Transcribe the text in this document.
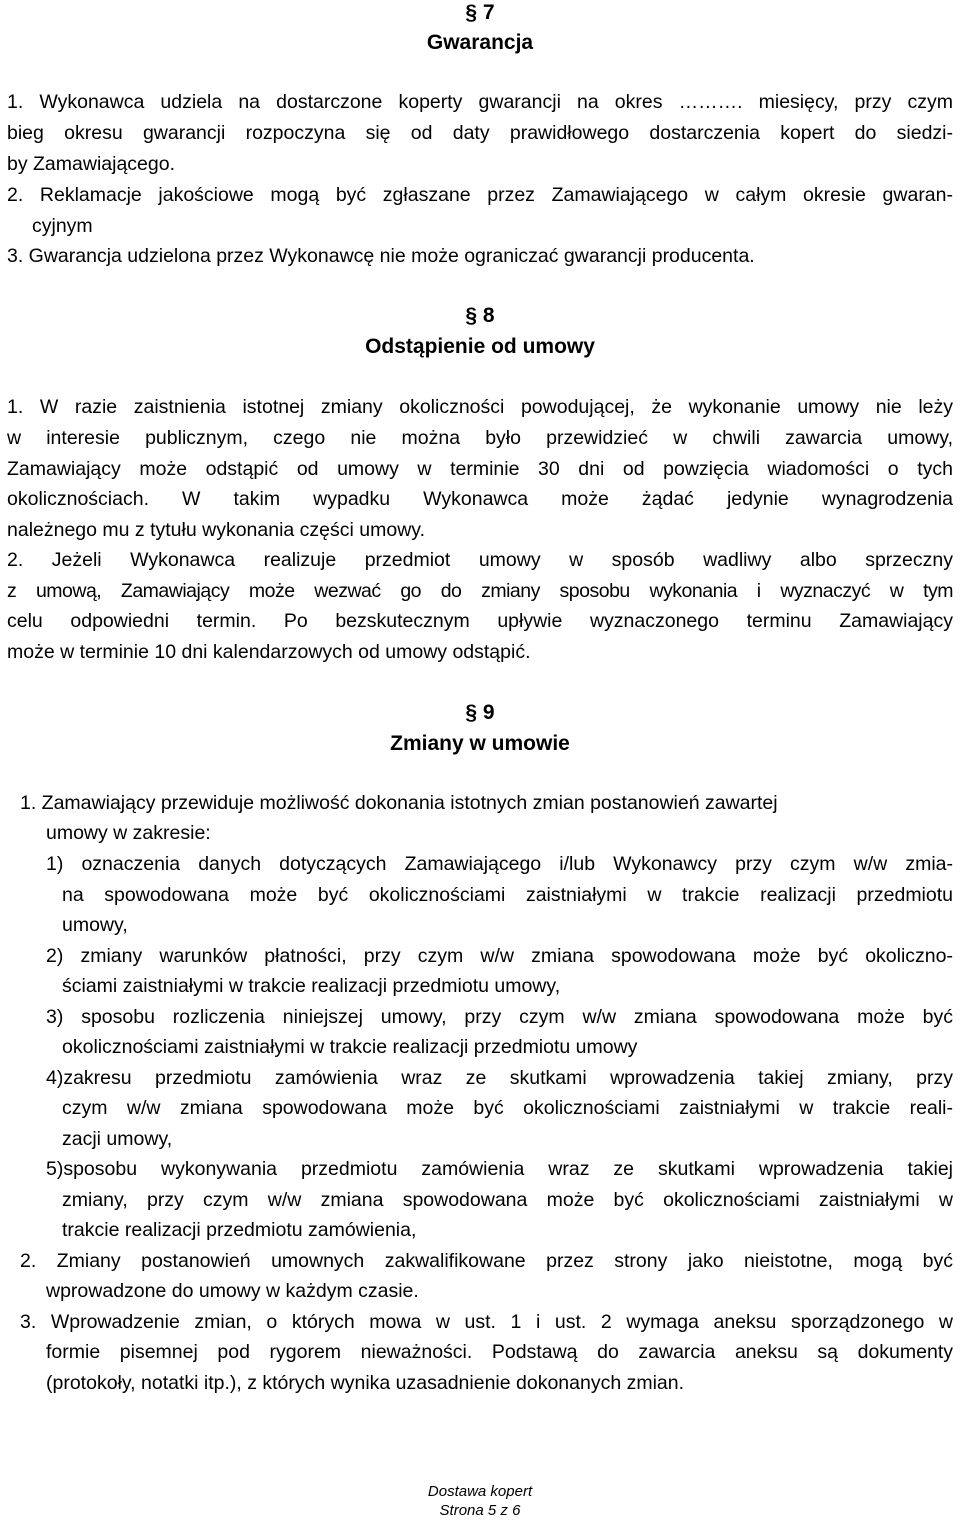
§ 7
Gwarancja
1. Wykonawca udziela na dostarczone koperty gwarancji na okres ………. miesięcy, przy czym
bieg okresu gwarancji rozpoczyna się od daty prawidłowego dostarczenia kopert do siedzi-
by Zamawiającego.
2. Reklamacje jakościowe mogą być zgłaszane przez Zamawiającego w całym okresie gwaran-
cyjnym
3. Gwarancja udzielona przez Wykonawcę nie może ograniczać gwarancji producenta.
§ 8
Odstąpienie od umowy
1. W razie zaistnienia istotnej zmiany okoliczności powodującej, że wykonanie umowy nie leży
w interesie publicznym, czego nie można było przewidzieć w chwili zawarcia umowy,
Zamawiający może odstąpić od umowy w terminie 30 dni od powzięcia wiadomości o tych
okolicznościach. W takim wypadku Wykonawca może żądać jedynie wynagrodzenia
należnego mu z tytułu wykonania części umowy.
2. Jeżeli Wykonawca realizuje przedmiot umowy w sposób wadliwy albo sprzeczny
z umową, Zamawiający może wezwać go do zmiany sposobu wykonania i wyznaczyć w tym
celu odpowiedni termin. Po bezskutecznym upływie wyznaczonego terminu Zamawiający
może w terminie 10 dni kalendarzowych od umowy odstąpić.
§ 9
Zmiany w umowie
1. Zamawiający przewiduje możliwość dokonania istotnych zmian postanowień zawartej
umowy w zakresie:
1) oznaczenia danych dotyczących Zamawiającego i/lub Wykonawcy przy czym w/w zmia-
na spowodowana może być okolicznościami zaistniałymi w trakcie realizacji przedmiotu
umowy,
2) zmiany warunków płatności, przy czym w/w zmiana spowodowana może być okoliczno-
ściami zaistniałymi w trakcie realizacji przedmiotu umowy,
3) sposobu rozliczenia niniejszej umowy, przy czym w/w zmiana spowodowana może być
okolicznościami zaistniałymi w trakcie realizacji przedmiotu umowy
4)zakresu przedmiotu zamówienia wraz ze skutkami wprowadzenia takiej zmiany, przy
czym w/w zmiana spowodowana może być okolicznościami zaistniałymi w trakcie reali-
zacji umowy,
5)sposobu wykonywania przedmiotu zamówienia wraz ze skutkami wprowadzenia takiej
zmiany, przy czym w/w zmiana spowodowana może być okolicznościami zaistniałymi w
trakcie realizacji przedmiotu zamówienia,
2. Zmiany postanowień umownych zakwalifikowane przez strony jako nieistotne, mogą być
wprowadzone do umowy w każdym czasie.
3. Wprowadzenie zmian, o których mowa w ust. 1 i ust. 2 wymaga aneksu sporządzonego w
formie pisemnej pod rygorem nieważności. Podstawą do zawarcia aneksu są dokumenty
(protokoły, notatki itp.), z których wynika uzasadnienie dokonanych zmian.
Dostawa kopert
Strona 5 z 6
